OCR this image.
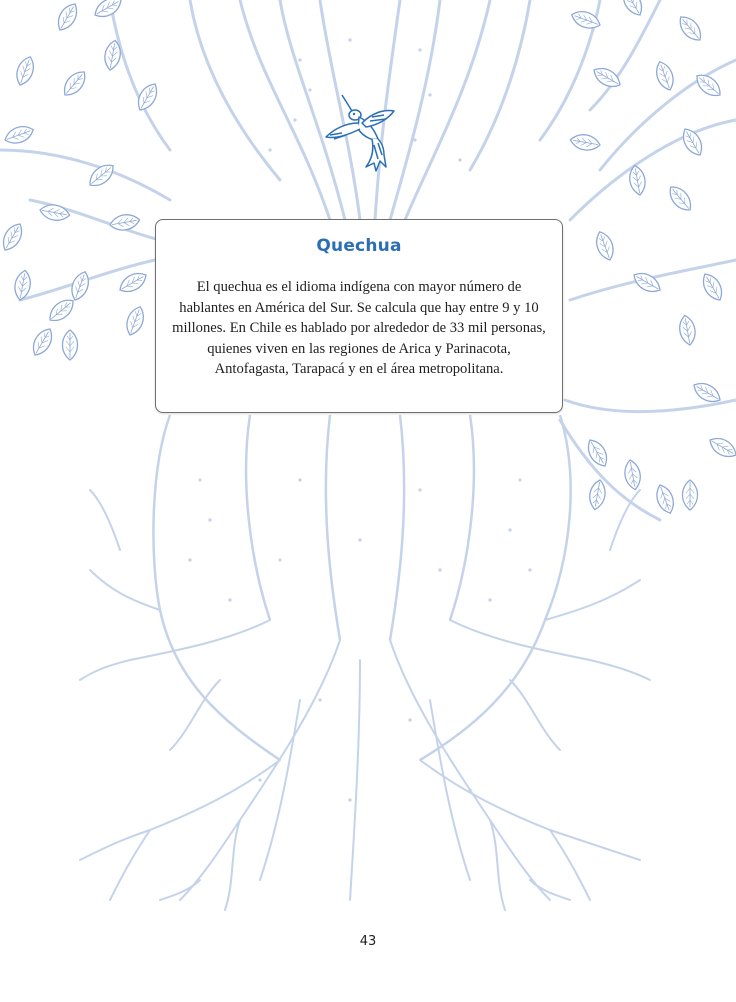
Quechua
El quechua es el idioma indígena con mayor número de hablantes en América del Sur. Se calcula que hay entre 9 y 10 millones. En Chile es hablado por alrededor de 33 mil personas, quienes viven en las regiones de Arica y Parinacota, Antofagasta, Tarapacá y en el área metropolitana.
43
